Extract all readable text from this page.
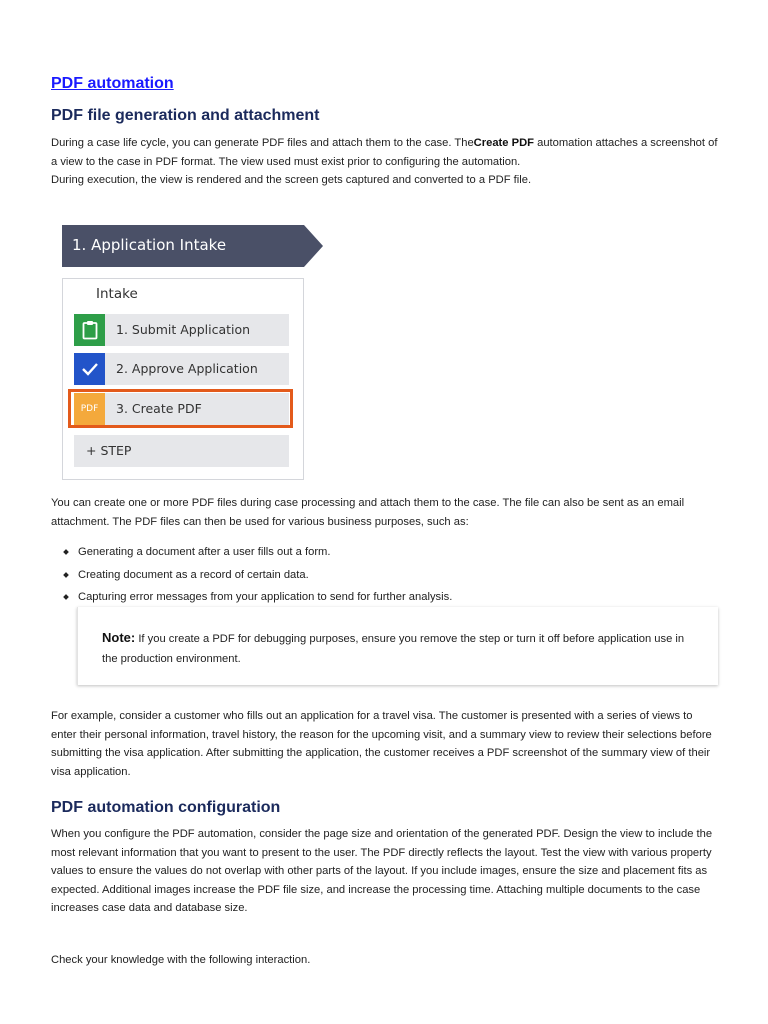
PDF automation
PDF file generation and attachment

During a case life cycle, you can generate PDF files and attach them to the case. TheCreate PDF automation attaches a screenshot of a view to the case in PDF format. The view used must exist prior to configuring the automation.
During execution, the view is rendered and the screen gets captured and converted to a PDF file.

1. Application Intake
Intake
1. Submit Application
2. Approve Application
PDF 3. Create PDF
+ STEP

You can create one or more PDF files during case processing and attach them to the case. The file can also be sent as an email attachment. The PDF files can then be used for various business purposes, such as:

Generating a document after a user fills out a form.
Creating document as a record of certain data.
Capturing error messages from your application to send for further analysis.

Note: If you create a PDF for debugging purposes, ensure you remove the step or turn it off before application use in the production environment.

For example, consider a customer who fills out an application for a travel visa. The customer is presented with a series of views to enter their personal information, travel history, the reason for the upcoming visit, and a summary view to review their selections before submitting the visa application. After submitting the application, the customer receives a PDF screenshot of the summary view of their visa application.

PDF automation configuration

When you configure the PDF automation, consider the page size and orientation of the generated PDF. Design the view to include the most relevant information that you want to present to the user. The PDF directly reflects the layout. Test the view with various property values to ensure the values do not overlap with other parts of the layout. If you include images, ensure the size and placement fits as expected. Additional images increase the PDF file size, and increase the processing time. Attaching multiple documents to the case increases case data and database size.

Check your knowledge with the following interaction.
